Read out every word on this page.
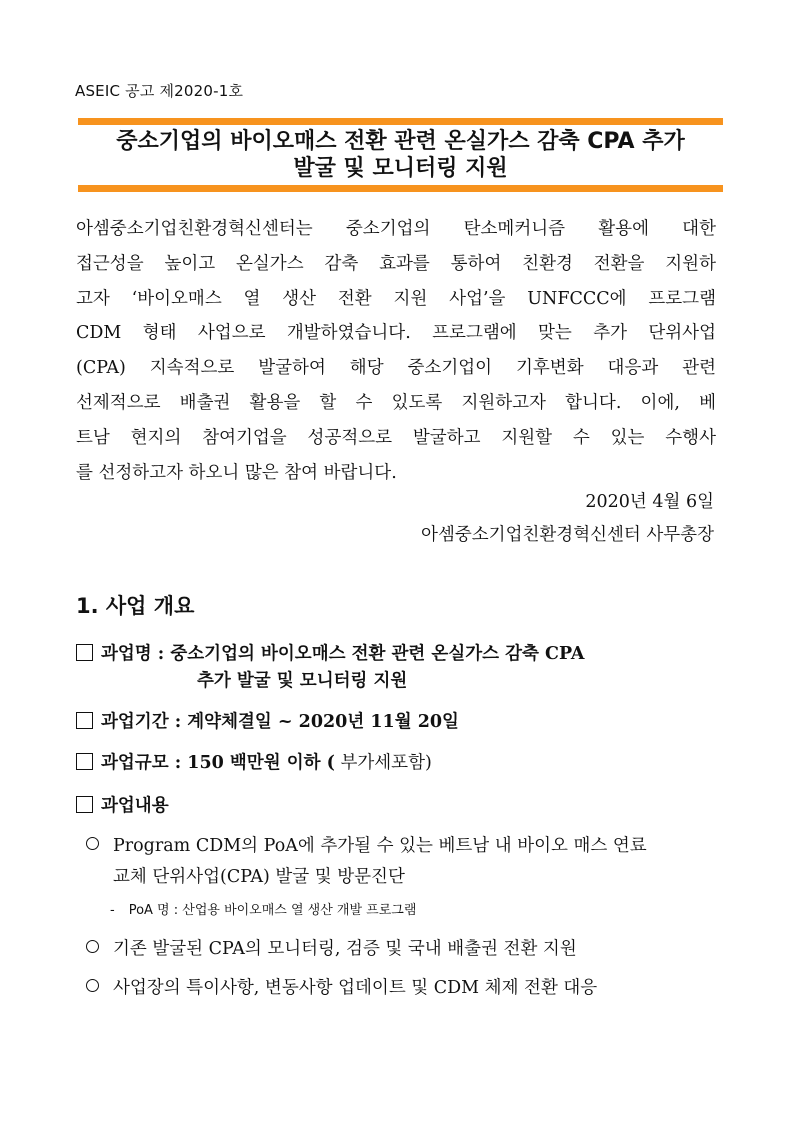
ASEIC 공고 제2020-1호
중소기업의 바이오매스 전환 관련 온실가스 감축 CPA 추가
발굴 및 모니터링 지원
아셈중소기업친환경혁신센터는 중소기업의 탄소메커니즘 활용에 대한
접근성을 높이고 온실가스 감축 효과를 통하여 친환경 전환을 지원하
고자 ‘바이오매스 열 생산 전환 지원 사업’을 UNFCCC에 프로그램
CDM 형태 사업으로 개발하였습니다. 프로그램에 맞는 추가 단위사업
(CPA) 지속적으로 발굴하여 해당 중소기업이 기후변화 대응과 관련
선제적으로 배출권 활용을 할 수 있도록 지원하고자 합니다. 이에, 베
트남 현지의 참여기업을 성공적으로 발굴하고 지원할 수 있는 수행사
를 선정하고자 하오니 많은 참여 바랍니다.
2020년 4월 6일
아셈중소기업친환경혁신센터 사무총장
1. 사업 개요
과업명 : 중소기업의 바이오매스 전환 관련 온실가스 감축 CPA
추가 발굴 및 모니터링 지원
과업기간 : 계약체결일 ~ 2020년 11월 20일
과업규모 : 150 백만원 이하 ( 부가세포함)
과업내용
Program CDM의 PoA에 추가될 수 있는 베트남 내 바이오 매스 연료
교체 단위사업(CPA) 발굴 및 방문진단
- PoA 명 : 산업용 바이오매스 열 생산 개발 프로그램
기존 발굴된 CPA의 모니터링, 검증 및 국내 배출권 전환 지원
사업장의 특이사항, 변동사항 업데이트 및 CDM 체제 전환 대응
